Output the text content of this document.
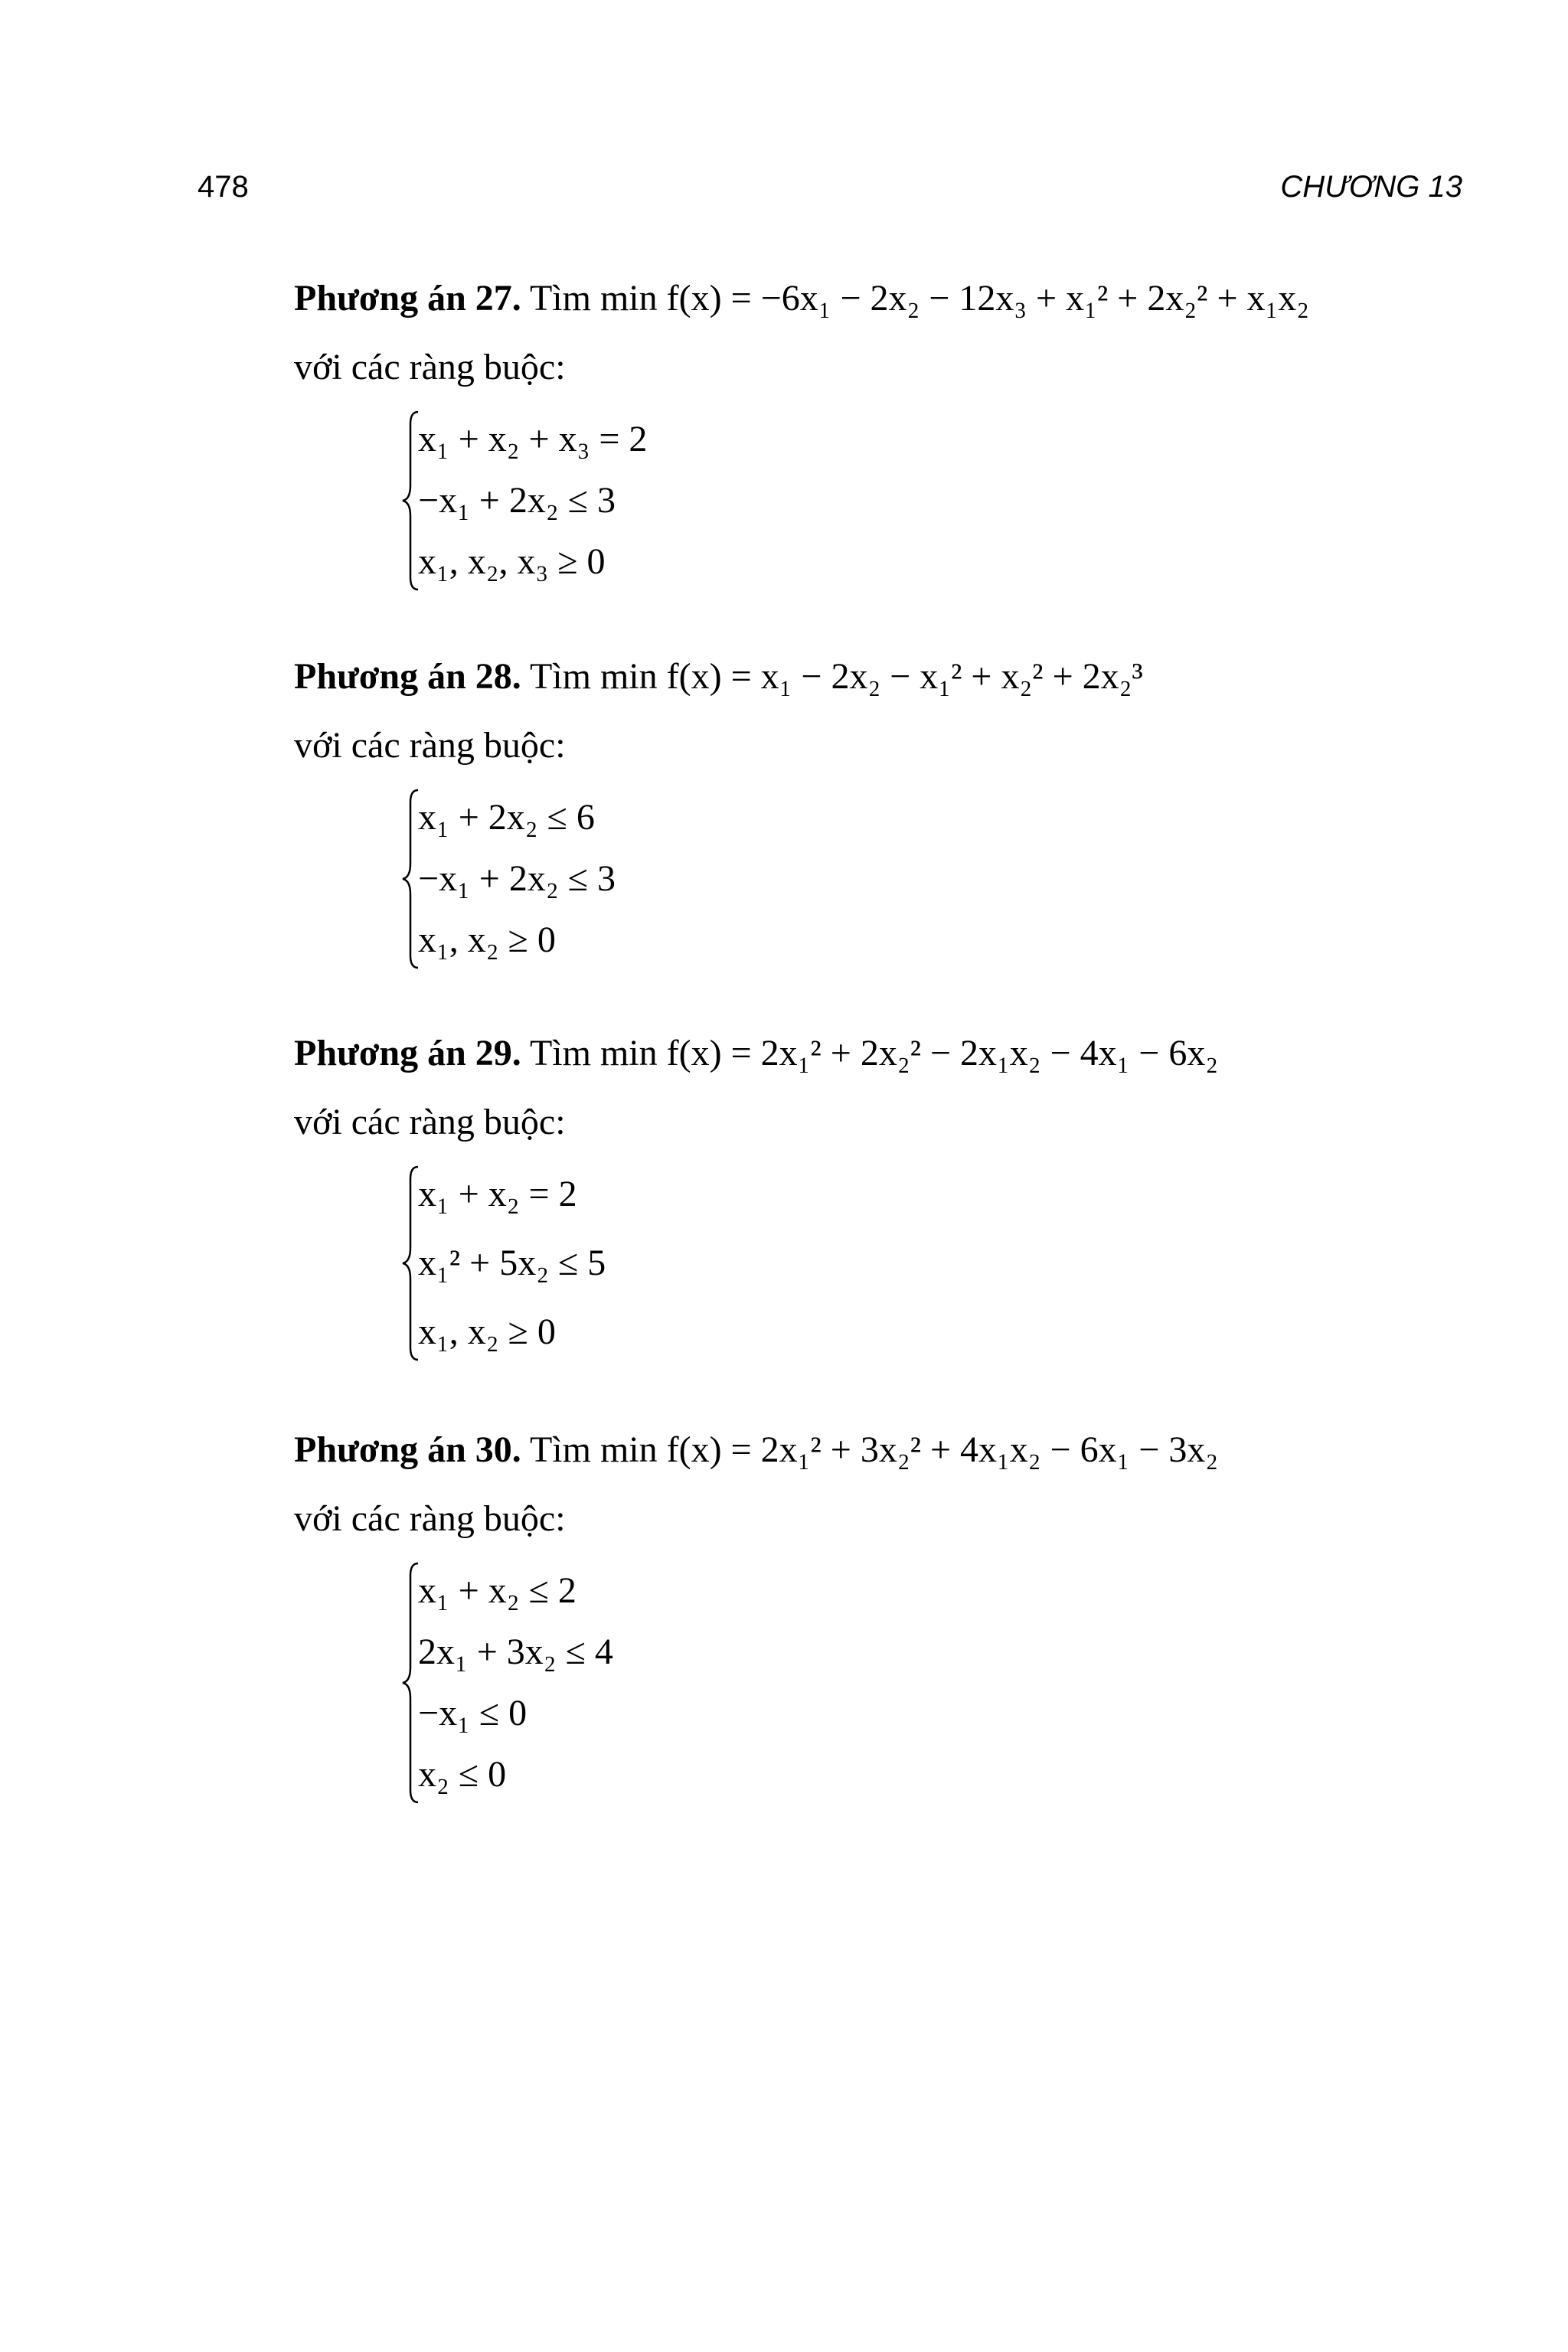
478	CHƯƠNG 13
Phương án 27. Tìm min f(x) = −6x₁ − 2x₂ − 12x₃ + x₁² + 2x₂² + x₁x₂
với các ràng buộc:
x₁ + x₂ + x₃ = 2
−x₁ + 2x₂ ≤ 3
x₁, x₂, x₃ ≥ 0
Phương án 28. Tìm min f(x) = x₁ − 2x₂ − x₁² + x₂² + 2x₂³
với các ràng buộc:
x₁ + 2x₂ ≤ 6
−x₁ + 2x₂ ≤ 3
x₁, x₂ ≥ 0
Phương án 29. Tìm min f(x) = 2x₁² + 2x₂² − 2x₁x₂ − 4x₁ − 6x₂
với các ràng buộc:
x₁ + x₂ = 2
x₁² + 5x₂ ≤ 5
x₁, x₂ ≥ 0
Phương án 30. Tìm min f(x) = 2x₁² + 3x₂² + 4x₁x₂ − 6x₁ − 3x₂
với các ràng buộc:
x₁ + x₂ ≤ 2
2x₁ + 3x₂ ≤ 4
−x₁ ≤ 0
x₂ ≤ 0
